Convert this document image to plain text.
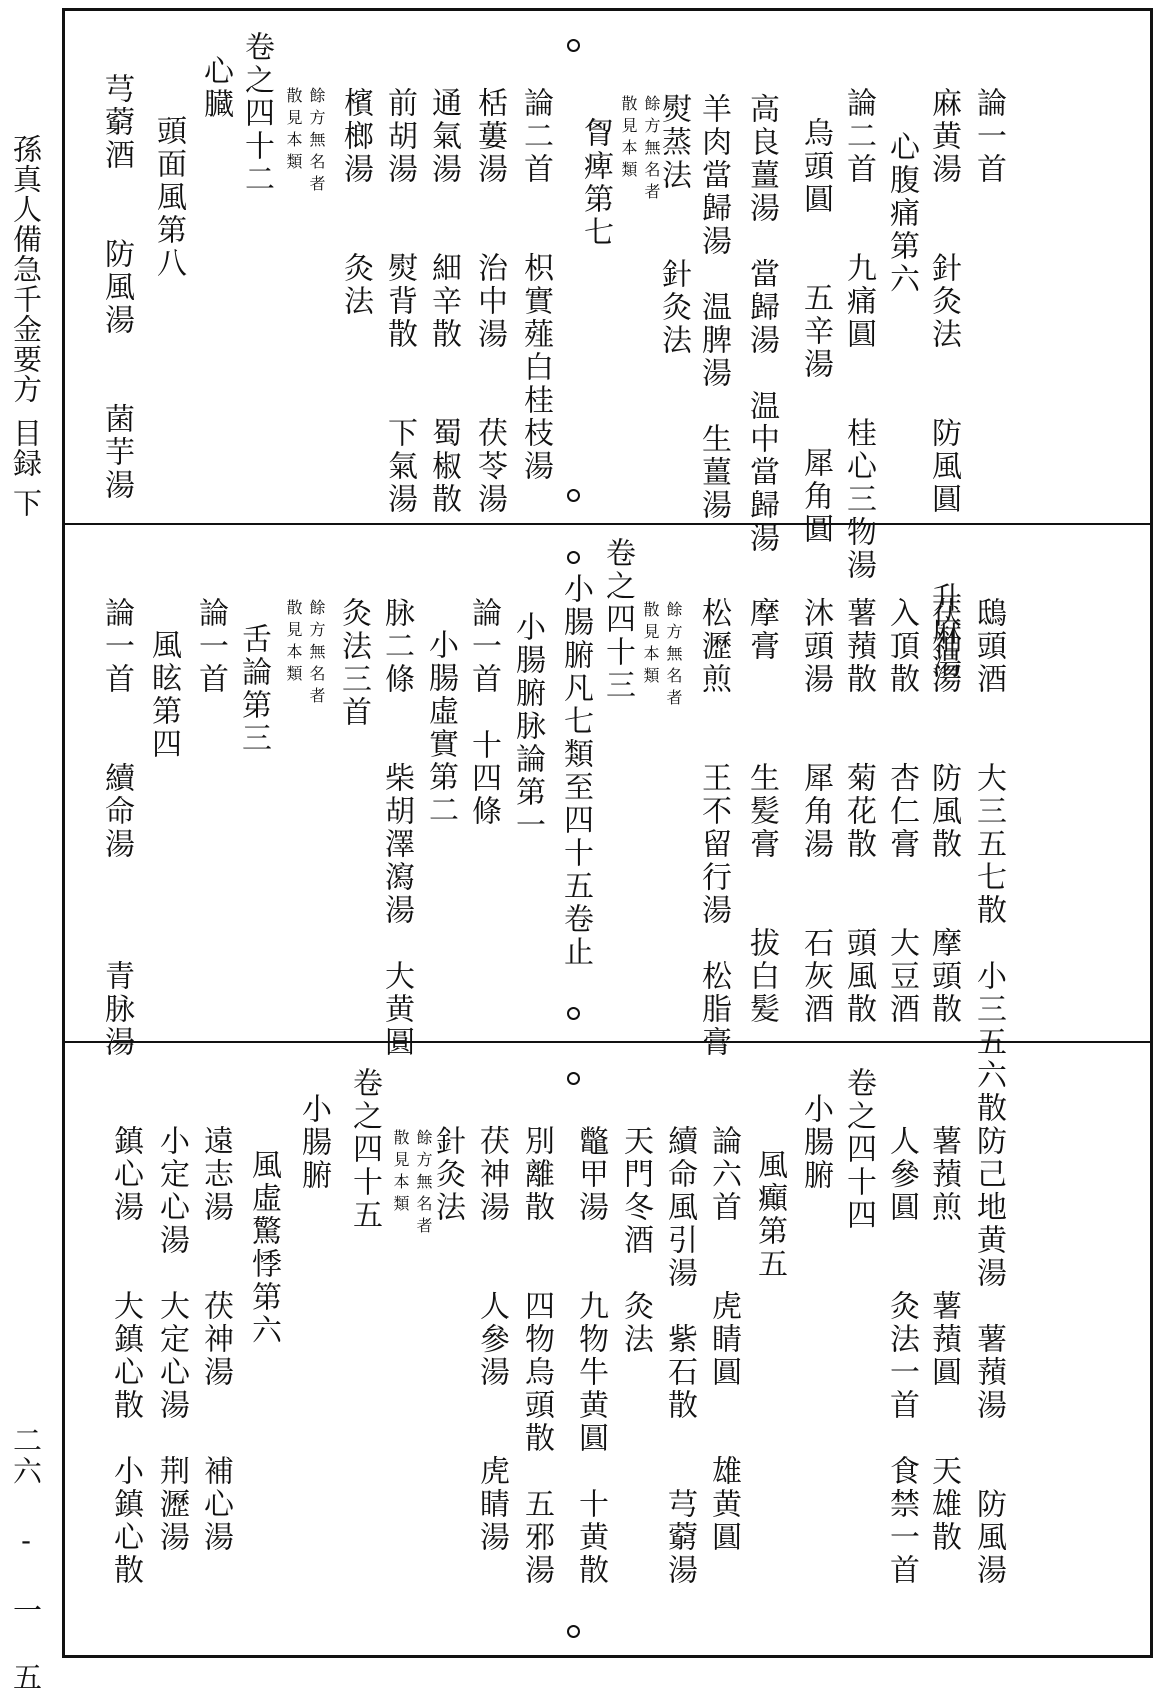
孫真人備急千金要方目録下
二六 - 一 五
論一首
麻黄湯　　針灸法　　防風圓　　升麻湯
心腹痛第六
論二首　　九痛圓　　桂心三物湯
烏頭圓　　五辛湯　　犀角圓
高良薑湯　當歸湯　温中當歸湯
羊肉當歸湯　温脾湯　生薑湯
熨蒸法　　針灸法
餘方無名者
散見本類
胷痺第七
論二首　　枳實薤白桂枝湯
栝蔞湯　　治中湯　　茯苓湯
通氣湯　　細辛散　　蜀椒散
前胡湯　　熨背散　　下氣湯
檳榔湯　　灸法
餘方無名者
散見本類
卷之四十二
心臓
頭面風第八
芎藭酒　　防風湯　　菌芋湯
鴟頭酒　　大三五七散　小三五六散
茯神湯　　防風散　　摩頭散
入頂散　　杏仁膏　　大豆酒
薯蕷散　　菊花散　　頭風散
沐頭湯　　犀角湯　　石灰酒
摩膏　　　生髪膏　　拔白髪
松瀝煎　　王不留行湯　松脂膏
餘方無名者
散見本類
卷之四十三
小腸腑凡七類至四十五卷止
小腸腑脉論第一
論一首　十四條
小腸虛實第二
脉二條　　柴胡澤瀉湯　大黄圓
灸法三首
餘方無名者
散見本類
舌論第三
論一首
風眩第四
論一首　　續命湯　　　青脉湯
防己地黄湯　薯蕷湯　　防風湯
薯蕷煎　　薯蕷圓　　天雄散
人參圓　　灸法一首　食禁一首
卷之四十四
小腸腑
風癲第五
論六首　　虎睛圓　　雄黄圓
續命風引湯　紫石散　　芎藭湯
天門冬酒　灸法
鼈甲湯　　九物牛黄圓　十黄散
別離散　　四物烏頭散　五邪湯
茯神湯　　人參湯　　虎睛湯
針灸法
餘方無名者
散見本類
卷之四十五
小腸腑
風虛驚悸第六
遠志湯　　茯神湯　　補心湯
小定心湯　大定心湯　荆瀝湯
鎮心湯　　大鎮心散　小鎮心散
